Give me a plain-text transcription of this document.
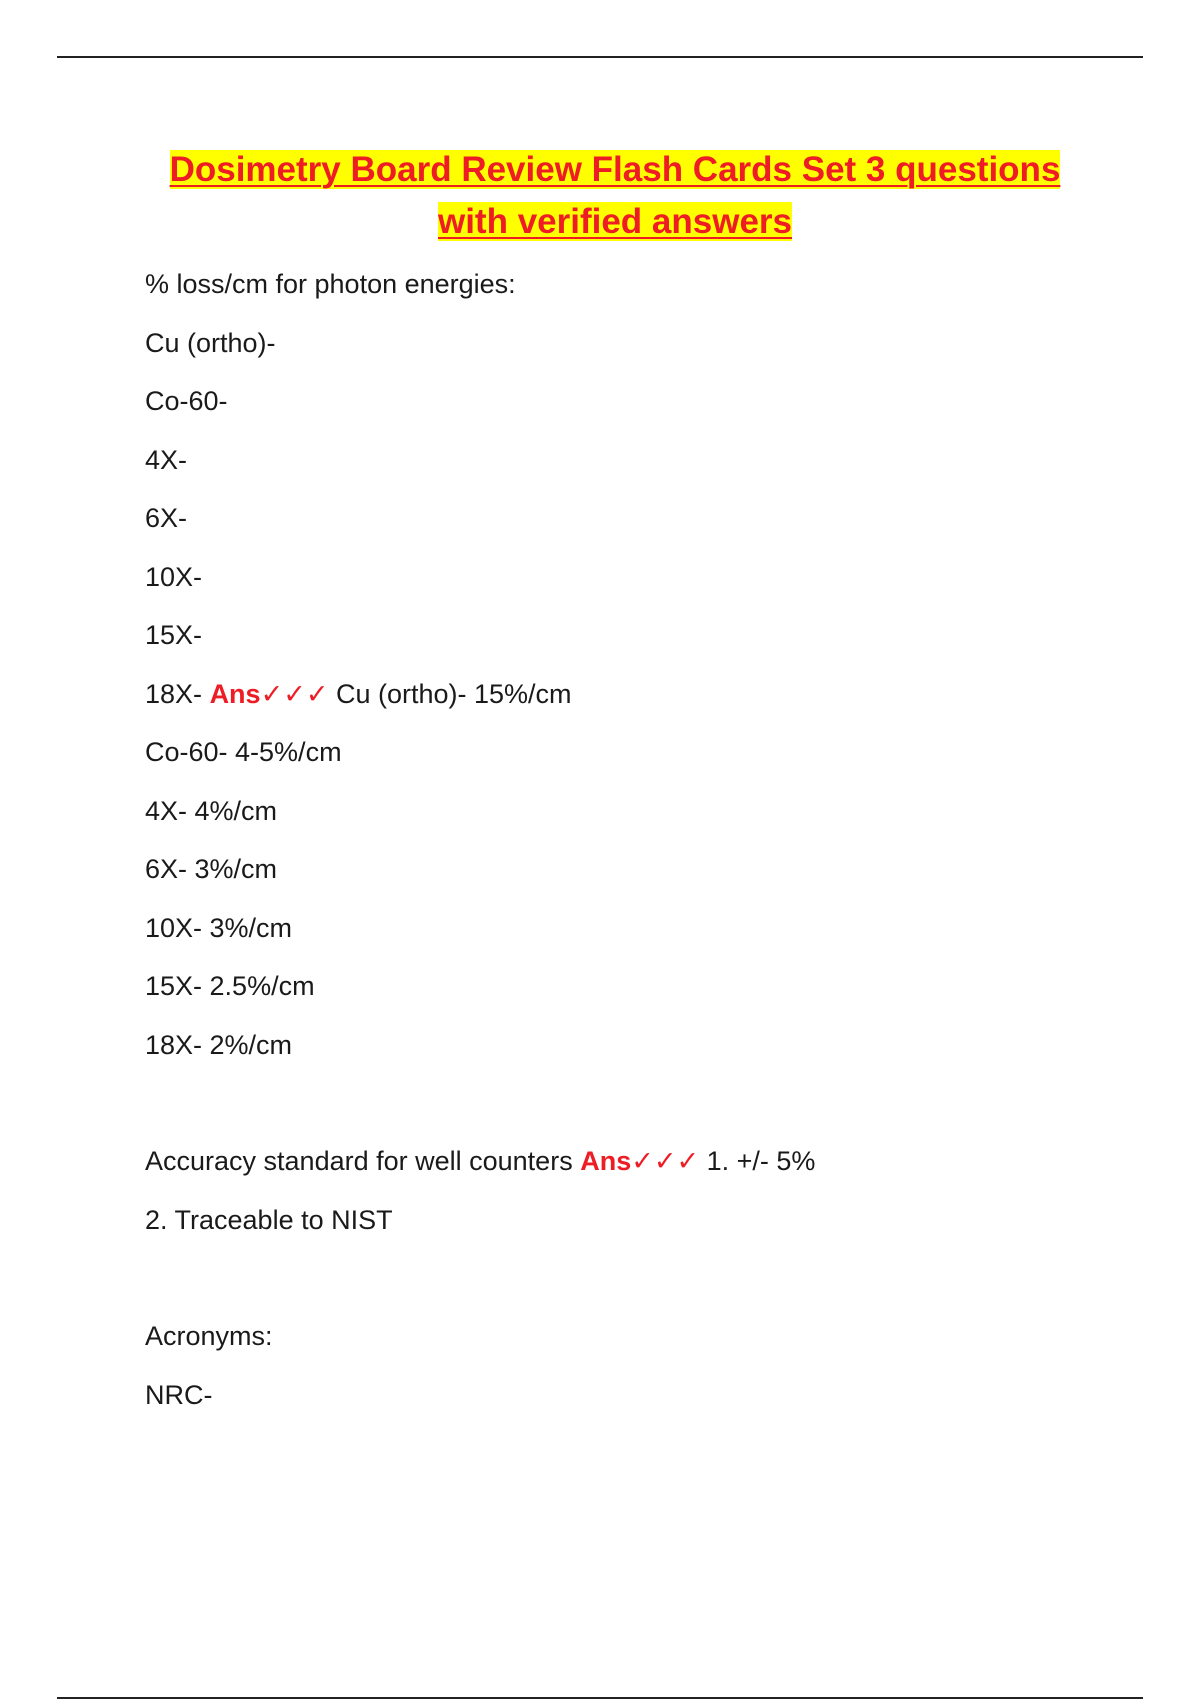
Dosimetry Board Review Flash Cards Set 3 questions
with verified answers
% loss/cm for photon energies:
Cu (ortho)-
Co-60-
4X-
6X-
10X-
15X-
18X- Ans✓✓✓ Cu (ortho)- 15%/cm
Co-60- 4-5%/cm
4X- 4%/cm
6X- 3%/cm
10X- 3%/cm
15X- 2.5%/cm
18X- 2%/cm
Accuracy standard for well counters Ans✓✓✓ 1. +/- 5%
2. Traceable to NIST
Acronyms:
NRC-
